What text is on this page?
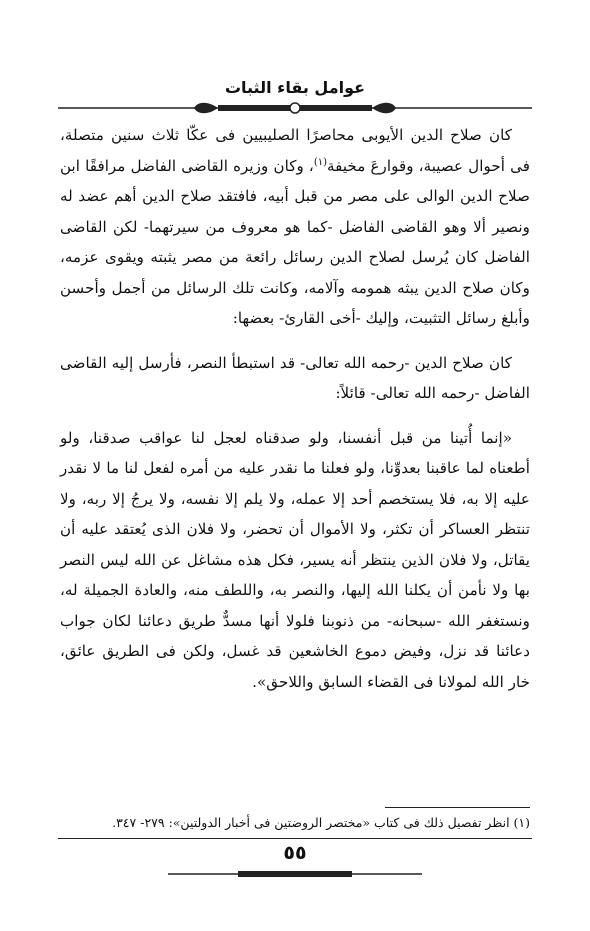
عوامل بقاء الثبات

كان صلاح الدين الأيوبى محاصرًا الصليبيين فى عكّا ثلاث سنين متصلة، فى أحوال عصيبة، وقوارعَ مخيفة$^{(١)}$، وكان وزيره القاضى الفاضل مرافقًا ابن صلاح الدين الوالى على مصر من قبل أبيه، فافتقد صلاح الدين أهم عضد له ونصير ألا وهو القاضى الفاضل -كما هو معروف من سيرتهما- لكن القاضى الفاضل كان يُرسل لصلاح الدين رسائل رائعة من مصر يثبته ويقوى عزمه، وكان صلاح الدين يبثه همومه وآلامه، وكانت تلك الرسائل من أجمل وأحسن وأبلغ رسائل التثبيت، وإليك -أخى القارئ- بعضها:

كان صلاح الدين -رحمه الله تعالى- قد استبطأ النصر، فأرسل إليه القاضى الفاضل -رحمه الله تعالى- قائلاً:

«إنما أُتينا من قبل أنفسنا، ولو صدقناه لعجل لنا عواقب صدقنا، ولو أطعناه لما عاقبنا بعدوِّنا، ولو فعلنا ما نقدر عليه من أمره لفعل لنا ما لا نقدر عليه إلا به، فلا يستخصم أحد إلا عمله، ولا يلم إلا نفسه، ولا يرجُ إلا ربه، ولا تنتظر العساكر أن تكثر، ولا الأموال أن تحضر، ولا فلان الذى يُعتقد عليه أن يقاتل، ولا فلان الذين ينتظر أنه يسير، فكل هذه مشاغل عن الله ليس النصر بها ولا نأمن أن يكلنا الله إليها، والنصر به، واللطف منه، والعادة الجميلة له، ونستغفر الله -سبحانه- من ذنوبنا فلولا أنها مسدٌّ طريق دعائنا لكان جواب دعائنا قد نزل، وفيض دموع الخاشعين قد غسل، ولكن فى الطريق عائق، خار الله لمولانا فى القضاء السابق واللاحق».

(١) انظر تفصيل ذلك فى كتاب «مختصر الروضتين فى أخبار الدولتين»: ٢٧٩- ٣٤٧.
٥٥
